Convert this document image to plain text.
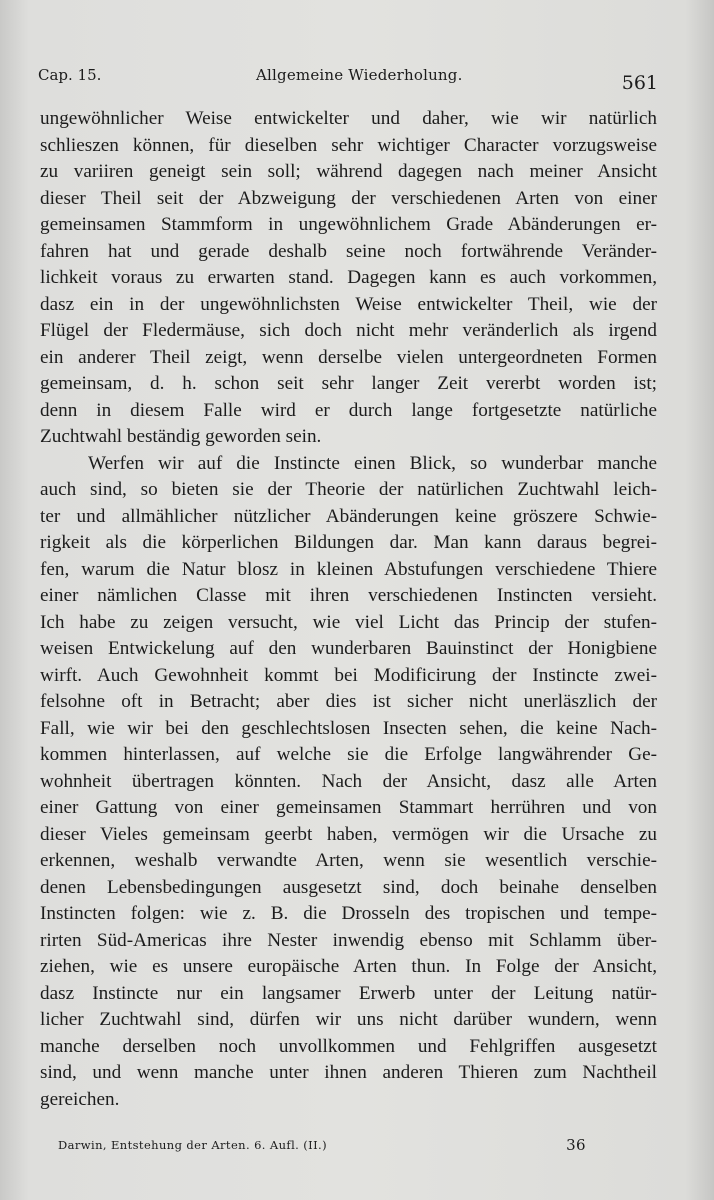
Cap. 15.	Allgemeine Wiederholung.	561
ungewöhnlicher Weise entwickelter und daher, wie wir natürlich
schlieszen können, für dieselben sehr wichtiger Character vorzugsweise
zu variiren geneigt sein soll; während dagegen nach meiner Ansicht
dieser Theil seit der Abzweigung der verschiedenen Arten von einer
gemeinsamen Stammform in ungewöhnlichem Grade Abänderungen er-
fahren hat und gerade deshalb seine noch fortwährende Veränder-
lichkeit voraus zu erwarten stand. Dagegen kann es auch vorkommen,
dasz ein in der ungewöhnlichsten Weise entwickelter Theil, wie der
Flügel der Fledermäuse, sich doch nicht mehr veränderlich als irgend
ein anderer Theil zeigt, wenn derselbe vielen untergeordneten Formen
gemeinsam, d. h. schon seit sehr langer Zeit vererbt worden ist;
denn in diesem Falle wird er durch lange fortgesetzte natürliche
Zuchtwahl beständig geworden sein.
Werfen wir auf die Instincte einen Blick, so wunderbar manche
auch sind, so bieten sie der Theorie der natürlichen Zuchtwahl leich-
ter und allmählicher nützlicher Abänderungen keine gröszere Schwie-
rigkeit als die körperlichen Bildungen dar. Man kann daraus begrei-
fen, warum die Natur blosz in kleinen Abstufungen verschiedene Thiere
einer nämlichen Classe mit ihren verschiedenen Instincten versieht.
Ich habe zu zeigen versucht, wie viel Licht das Princip der stufen-
weisen Entwickelung auf den wunderbaren Bauinstinct der Honigbiene
wirft. Auch Gewohnheit kommt bei Modificirung der Instincte zwei-
felsohne oft in Betracht; aber dies ist sicher nicht unerläszlich der
Fall, wie wir bei den geschlechtslosen Insecten sehen, die keine Nach-
kommen hinterlassen, auf welche sie die Erfolge langwährender Ge-
wohnheit übertragen könnten. Nach der Ansicht, dasz alle Arten
einer Gattung von einer gemeinsamen Stammart herrühren und von
dieser Vieles gemeinsam geerbt haben, vermögen wir die Ursache zu
erkennen, weshalb verwandte Arten, wenn sie wesentlich verschie-
denen Lebensbedingungen ausgesetzt sind, doch beinahe denselben
Instincten folgen: wie z. B. die Drosseln des tropischen und tempe-
rirten Süd-Americas ihre Nester inwendig ebenso mit Schlamm über-
ziehen, wie es unsere europäische Arten thun. In Folge der Ansicht,
dasz Instincte nur ein langsamer Erwerb unter der Leitung natür-
licher Zuchtwahl sind, dürfen wir uns nicht darüber wundern, wenn
manche derselben noch unvollkommen und Fehlgriffen ausgesetzt
sind, und wenn manche unter ihnen anderen Thieren zum Nachtheil
gereichen.
Darwin, Entstehung der Arten. 6. Aufl. (II.)	36
